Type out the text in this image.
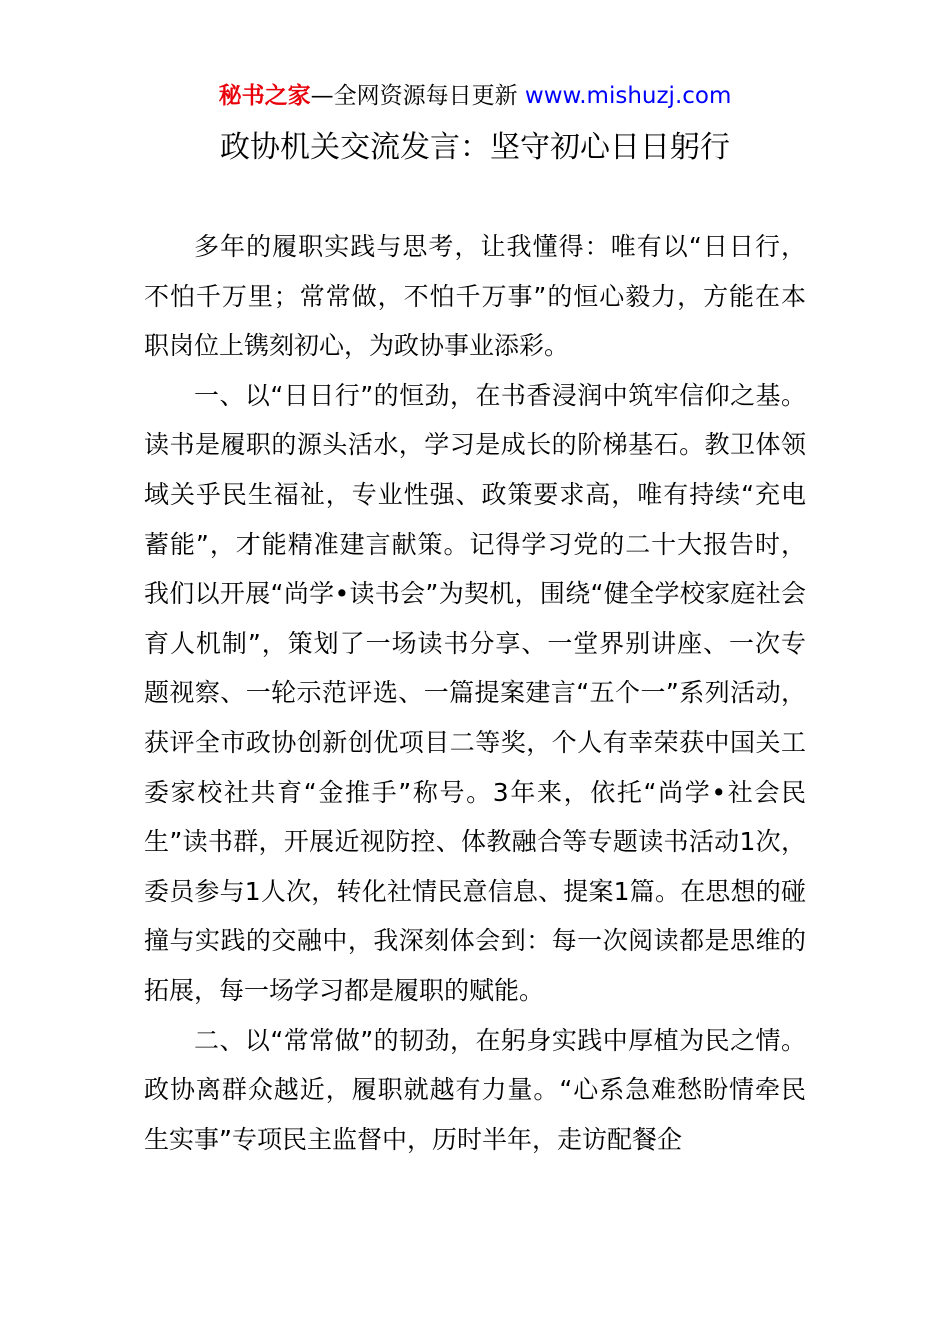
秘书之家—全网资源每日更新 www.mishuzj.com
政协机关交流发言：坚守初心日日躬行

多年的履职实践与思考，让我懂得：唯有以“日日行，不怕千万里；常常做，不怕千万事”的恒心毅力，方能在本职岗位上镌刻初心，为政协事业添彩。

一、以“日日行”的恒劲，在书香浸润中筑牢信仰之基。读书是履职的源头活水，学习是成长的阶梯基石。教卫体领域关乎民生福祉，专业性强、政策要求高，唯有持续“充电蓄能”，才能精准建言献策。记得学习党的二十大报告时，我们以开展“尚学•读书会”为契机，围绕“健全学校家庭社会育人机制”，策划了一场读书分享、一堂界别讲座、一次专题视察、一轮示范评选、一篇提案建言“五个一”系列活动，获评全市政协创新创优项目二等奖，个人有幸荣获中国关工委家校社共育“金推手”称号。3年来，依托“尚学•社会民生”读书群，开展近视防控、体教融合等专题读书活动1次，委员参与1人次，转化社情民意信息、提案1篇。在思想的碰撞与实践的交融中，我深刻体会到：每一次阅读都是思维的拓展，每一场学习都是履职的赋能。

二、以“常常做”的韧劲，在躬身实践中厚植为民之情。政协离群众越近，履职就越有力量。“心系急难愁盼情牵民生实事”专项民主监督中，历时半年，走访配餐企
